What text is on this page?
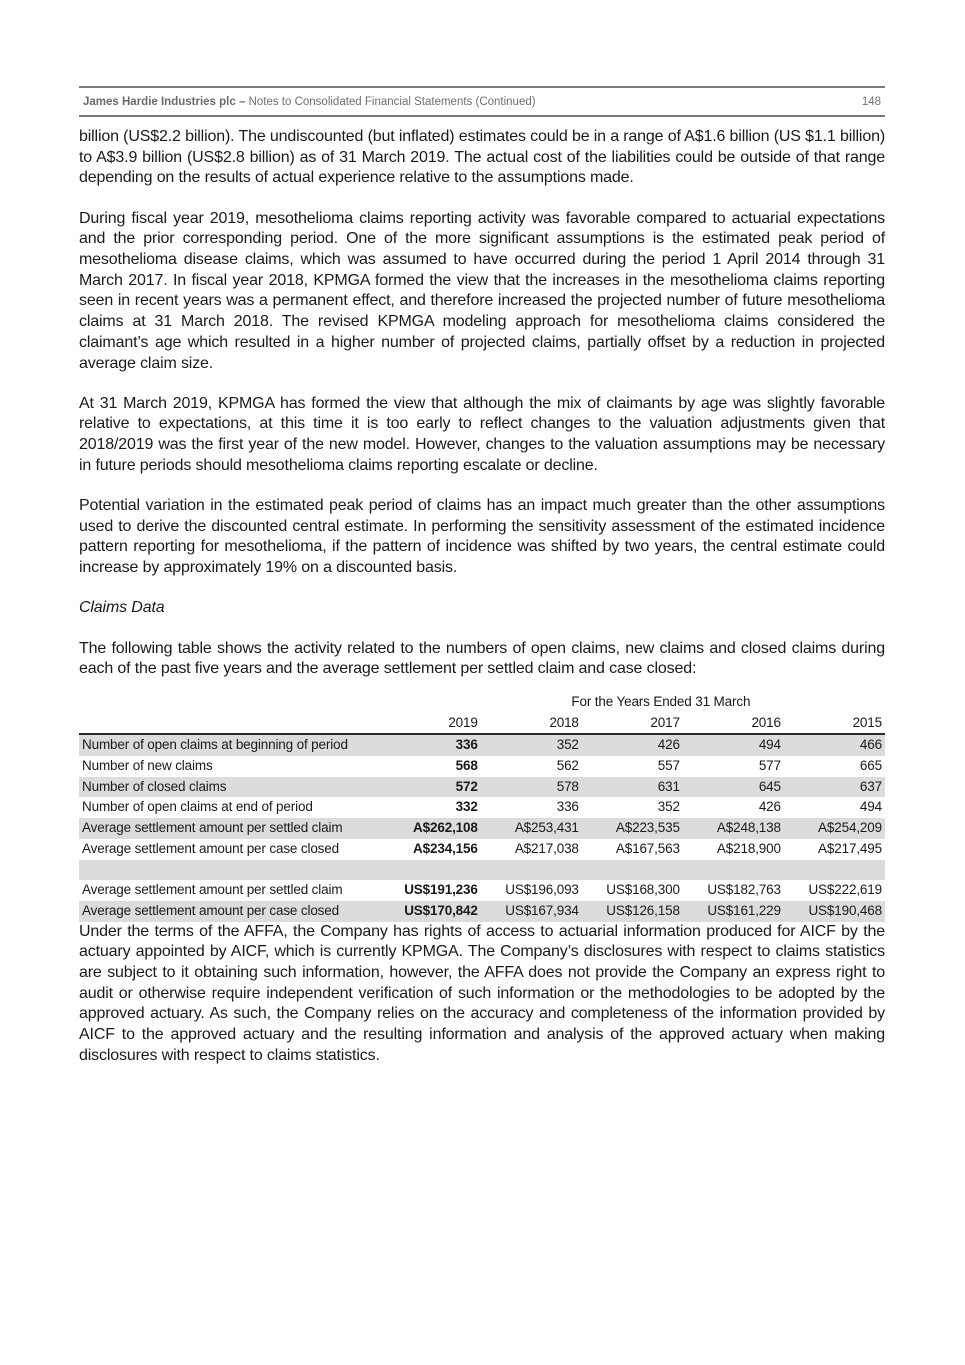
James Hardie Industries plc – Notes to Consolidated Financial Statements (Continued)	148

billion (US$2.2 billion). The undiscounted (but inflated) estimates could be in a range of A$1.6 billion (US $1.1 billion) to A$3.9 billion (US$2.8 billion) as of 31 March 2019. The actual cost of the liabilities could be outside of that range depending on the results of actual experience relative to the assumptions made.

During fiscal year 2019, mesothelioma claims reporting activity was favorable compared to actuarial expectations and the prior corresponding period. One of the more significant assumptions is the estimated peak period of mesothelioma disease claims, which was assumed to have occurred during the period 1 April 2014 through 31 March 2017. In fiscal year 2018, KPMGA formed the view that the increases in the mesothelioma claims reporting seen in recent years was a permanent effect, and therefore increased the projected number of future mesothelioma claims at 31 March 2018. The revised KPMGA modeling approach for mesothelioma claims considered the claimant’s age which resulted in a higher number of projected claims, partially offset by a reduction in projected average claim size.

At 31 March 2019, KPMGA has formed the view that although the mix of claimants by age was slightly favorable relative to expectations, at this time it is too early to reflect changes to the valuation adjustments given that 2018/2019 was the first year of the new model. However, changes to the valuation assumptions may be necessary in future periods should mesothelioma claims reporting escalate or decline.

Potential variation in the estimated peak period of claims has an impact much greater than the other assumptions used to derive the discounted central estimate. In performing the sensitivity assessment of the estimated incidence pattern reporting for mesothelioma, if the pattern of incidence was shifted by two years, the central estimate could increase by approximately 19% on a discounted basis.

Claims Data

The following table shows the activity related to the numbers of open claims, new claims and closed claims during each of the past five years and the average settlement per settled claim and case closed:

	For the Years Ended 31 March				
	2019	2018	2017	2016	2015
Number of open claims at beginning of period	336	352	426	494	466
Number of new claims	568	562	557	577	665
Number of closed claims	572	578	631	645	637
Number of open claims at end of period	332	336	352	426	494
Average settlement amount per settled claim	A$262,108	A$253,431	A$223,535	A$248,138	A$254,209
Average settlement amount per case closed	A$234,156	A$217,038	A$167,563	A$218,900	A$217,495

Average settlement amount per settled claim	US$191,236	US$196,093	US$168,300	US$182,763	US$222,619
Average settlement amount per case closed	US$170,842	US$167,934	US$126,158	US$161,229	US$190,468

Under the terms of the AFFA, the Company has rights of access to actuarial information produced for AICF by the actuary appointed by AICF, which is currently KPMGA. The Company’s disclosures with respect to claims statistics are subject to it obtaining such information, however, the AFFA does not provide the Company an express right to audit or otherwise require independent verification of such information or the methodologies to be adopted by the approved actuary. As such, the Company relies on the accuracy and completeness of the information provided by AICF to the approved actuary and the resulting information and analysis of the approved actuary when making disclosures with respect to claims statistics.
